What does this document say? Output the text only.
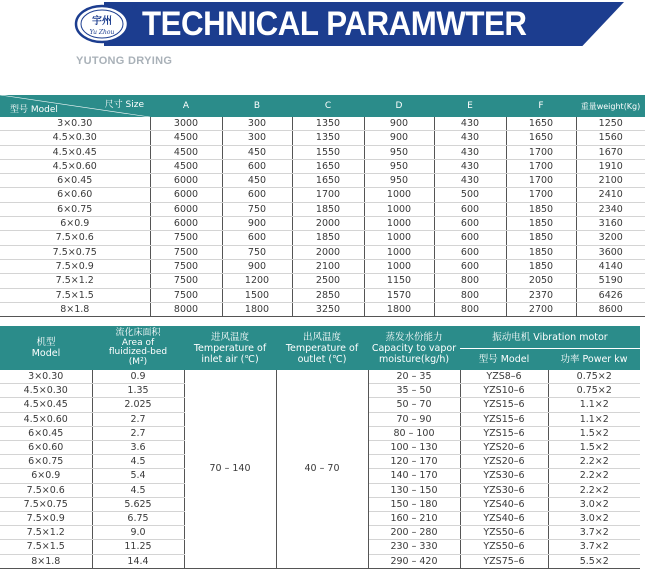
宇州
Yu Zhou
® TECHNICAL PARAMWTER
YUTONG DRYING
尺寸 Size
型号 Model	A	B	C	D	E	F	重量weight(Kg)
3×0.30	3000	300	1350	900	430	1650	1250
4.5×0.30	4500	300	1350	900	430	1650	1560
4.5×0.45	4500	450	1550	950	430	1700	1670
4.5×0.60	4500	600	1650	950	430	1700	1910
6×0.45	6000	450	1650	950	430	1700	2100
6×0.60	6000	600	1700	1000	500	1700	2410
6×0.75	6000	750	1850	1000	600	1850	2340
6×0.9	6000	900	2000	1000	600	1850	3160
7.5×0.6	7500	600	1850	1000	600	1850	3200
7.5×0.75	7500	750	2000	1000	600	1850	3600
7.5×0.9	7500	900	2100	1000	600	1850	4140
7.5×1.2	7500	1200	2500	1150	800	2050	5190
7.5×1.5	7500	1500	2850	1570	800	2370	6426
8×1.8	8000	1800	3250	1800	800	2700	8600
机型
Model	流化床面积
Area of
fluidized-bed
(M²)	进风温度
Temperature of
inlet air (℃)	出风温度
Temperature of
outlet (℃)	蒸发水份能力
Capacity to vapor
moisture(kg/h)	振动电机 Vibration motor	
					型号 Model	功率 Power kw
3×0.30	0.9	70 – 140	40 – 70	20 – 35	YZS8–6	0.75×2
4.5×0.30	1.35			35 – 50	YZS10–6	0.75×2
4.5×0.45	2.025			50 – 70	YZS15–6	1.1×2
4.5×0.60	2.7			70 – 90	YZS15–6	1.1×2
6×0.45	2.7			80 – 100	YZS15–6	1.5×2
6×0.60	3.6			100 – 130	YZS20–6	1.5×2
6×0.75	4.5			120 – 170	YZS20–6	2.2×2
6×0.9	5.4			140 – 170	YZS30–6	2.2×2
7.5×0.6	4.5			130 – 150	YZS30–6	2.2×2
7.5×0.75	5.625			150 – 180	YZS40–6	3.0×2
7.5×0.9	6.75			160 – 210	YZS40–6	3.0×2
7.5×1.2	9.0			200 – 280	YZS50–6	3.7×2
7.5×1.5	11.25			230 – 330	YZS50–6	3.7×2
8×1.8	14.4			290 – 420	YZS75–6	5.5×2
